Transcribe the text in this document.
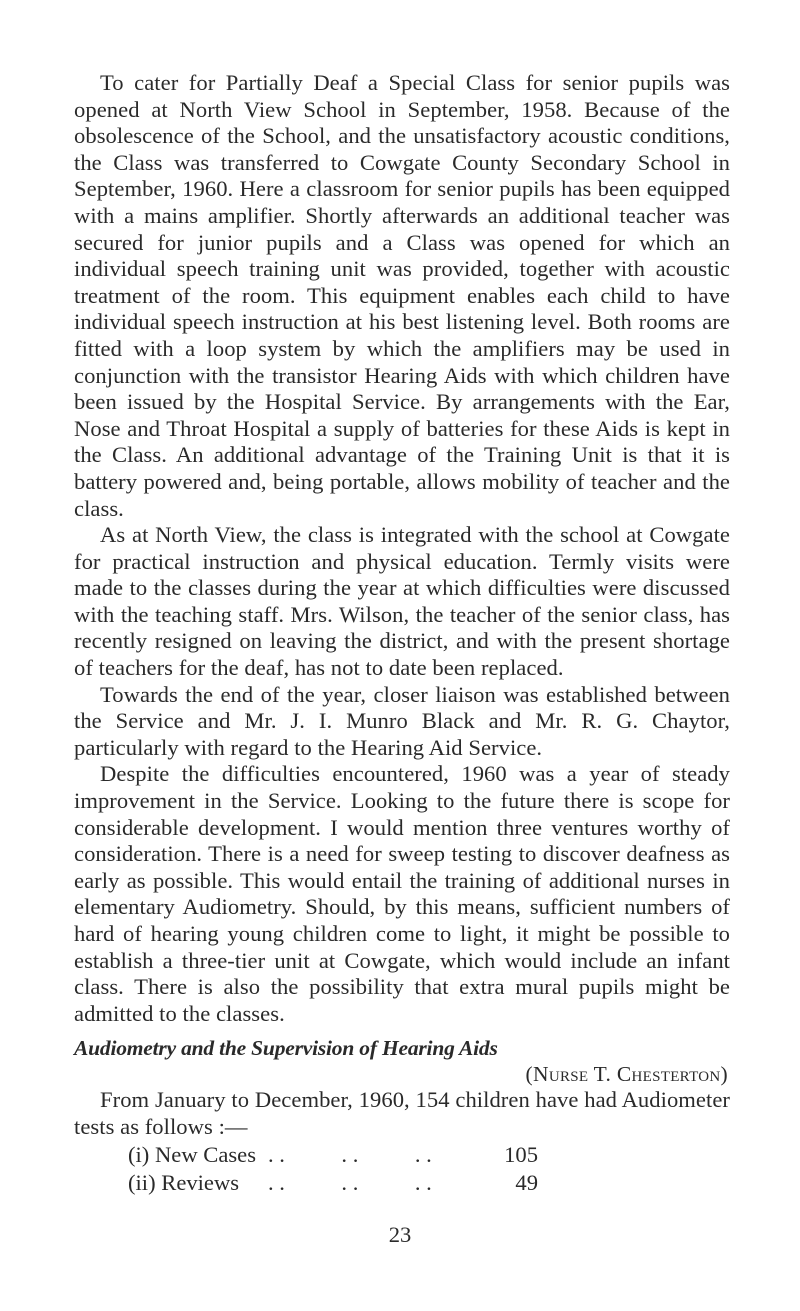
To cater for Partially Deaf a Special Class for senior pupils was opened at North View School in September, 1958. Because of the obsolescence of the School, and the unsatisfactory acoustic conditions, the Class was transferred to Cowgate County Secondary School in September, 1960. Here a classroom for senior pupils has been equipped with a mains amplifier. Shortly afterwards an additional teacher was secured for junior pupils and a Class was opened for which an individual speech training unit was provided, together with acoustic treatment of the room. This equipment enables each child to have individual speech instruction at his best listening level. Both rooms are fitted with a loop system by which the amplifiers may be used in conjunction with the transistor Hearing Aids with which children have been issued by the Hospital Service. By arrangements with the Ear, Nose and Throat Hospital a supply of batteries for these Aids is kept in the Class. An additional advantage of the Training Unit is that it is battery powered and, being portable, allows mobility of teacher and the class.

As at North View, the class is integrated with the school at Cowgate for practical instruction and physical education. Termly visits were made to the classes during the year at which difficulties were discussed with the teaching staff. Mrs. Wilson, the teacher of the senior class, has recently resigned on leaving the district, and with the present shortage of teachers for the deaf, has not to date been replaced.

Towards the end of the year, closer liaison was established between the Service and Mr. J. I. Munro Black and Mr. R. G. Chaytor, particularly with regard to the Hearing Aid Service.

Despite the difficulties encountered, 1960 was a year of steady improvement in the Service. Looking to the future there is scope for considerable development. I would mention three ventures worthy of consideration. There is a need for sweep testing to discover deafness as early as possible. This would entail the training of additional nurses in elementary Audiometry. Should, by this means, sufficient numbers of hard of hearing young children come to light, it might be possible to establish a three-tier unit at Cowgate, which would include an infant class. There is also the possibility that extra mural pupils might be admitted to the classes.

Audiometry and the Supervision of Hearing Aids

(Nurse T. Chesterton)

From January to December, 1960, 154 children have had Audiometer tests as follows :—

(i) New Cases . .          . .          . .	105
(ii) Reviews	. .          . .          . .	49
23
